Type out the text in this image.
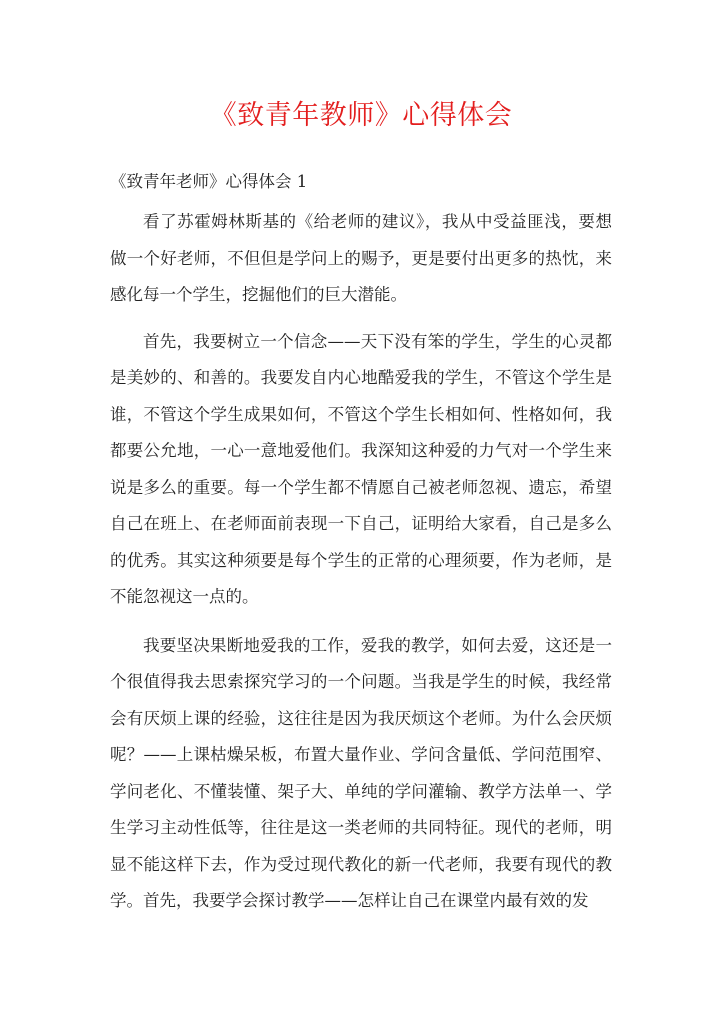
《致青年教师》心得体会
《致青年老师》心得体会 1

看了苏霍姆林斯基的《给老师的建议》，我从中受益匪浅，要想做一个好老师，不但但是学问上的赐予，更是要付出更多的热忱，来感化每一个学生，挖掘他们的巨大潜能。

首先，我要树立一个信念——天下没有笨的学生，学生的心灵都是美妙的、和善的。我要发自内心地酷爱我的学生，不管这个学生是谁，不管这个学生成果如何，不管这个学生长相如何、性格如何，我都要公允地，一心一意地爱他们。我深知这种爱的力气对一个学生来说是多么的重要。每一个学生都不情愿自己被老师忽视、遗忘，希望自己在班上、在老师面前表现一下自己，证明给大家看，自己是多么的优秀。其实这种须要是每个学生的正常的心理须要，作为老师，是不能忽视这一点的。

我要坚决果断地爱我的工作，爱我的教学，如何去爱，这还是一个很值得我去思索探究学习的一个问题。当我是学生的时候，我经常会有厌烦上课的经验，这往往是因为我厌烦这个老师。为什么会厌烦呢？——上课枯燥呆板，布置大量作业、学问含量低、学问范围窄、学问老化、不懂装懂、架子大、单纯的学问灌输、教学方法单一、学生学习主动性低等，往往是这一类老师的共同特征。现代的老师，明显不能这样下去，作为受过现代教化的新一代老师，我要有现代的教学。首先，我要学会探讨教学——怎样让自己在课堂内最有效的发
